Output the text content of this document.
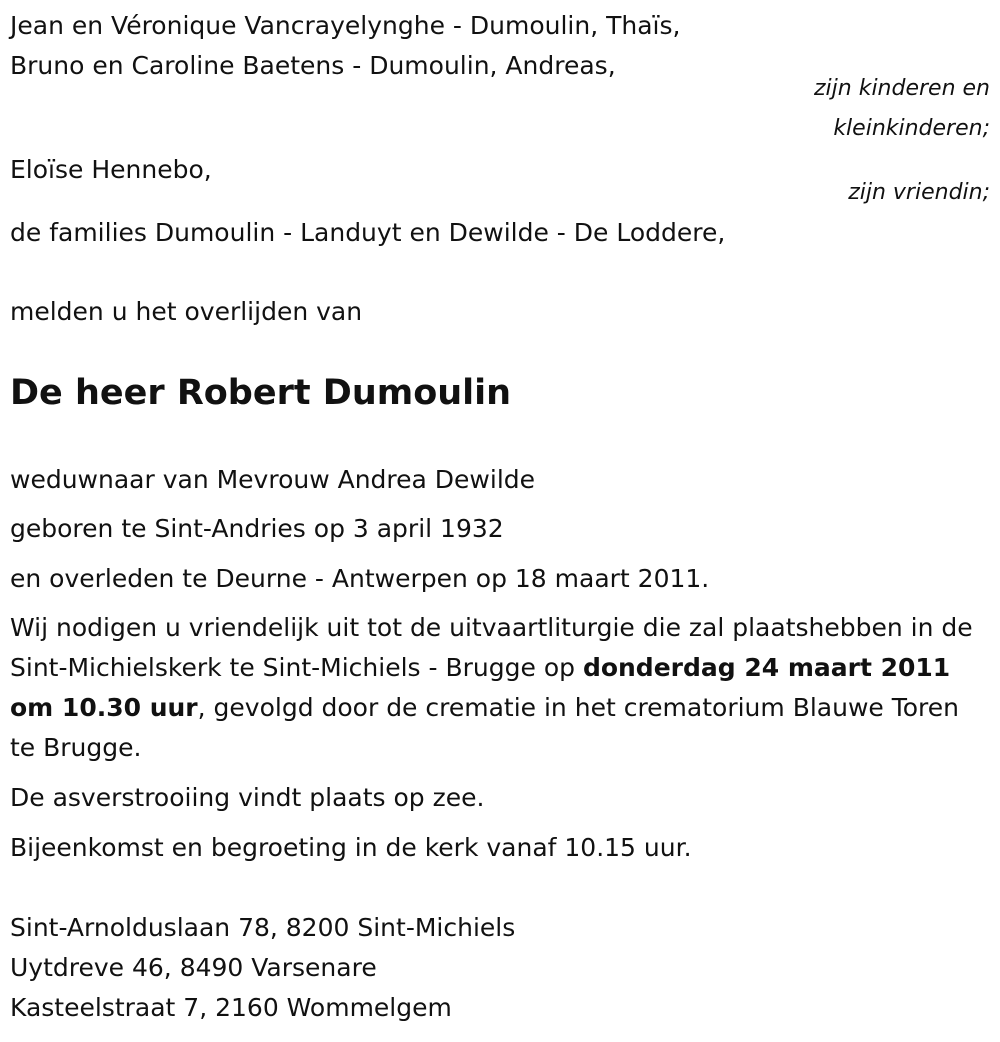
Jean en Véronique Vancrayelynghe - Dumoulin, Thaïs,
Bruno en Caroline Baetens - Dumoulin, Andreas,
zijn kinderen en
kleinkinderen;
Eloïse Hennebo,
zijn vriendin;
de families Dumoulin - Landuyt en Dewilde - De Loddere,
melden u het overlijden van
De heer Robert Dumoulin
weduwnaar van Mevrouw Andrea Dewilde
geboren te Sint-Andries op 3 april 1932
en overleden te Deurne - Antwerpen op 18 maart 2011.
Wij nodigen u vriendelijk uit tot de uitvaartliturgie die zal plaatshebben in de Sint-Michielskerk te Sint-Michiels - Brugge op donderdag 24 maart 2011 om 10.30 uur, gevolgd door de crematie in het crematorium Blauwe Toren te Brugge.
De asverstrooiing vindt plaats op zee.
Bijeenkomst en begroeting in de kerk vanaf 10.15 uur.
Sint-Arnolduslaan 78, 8200 Sint-Michiels
Uytdreve 46, 8490 Varsenare
Kasteelstraat 7, 2160 Wommelgem
